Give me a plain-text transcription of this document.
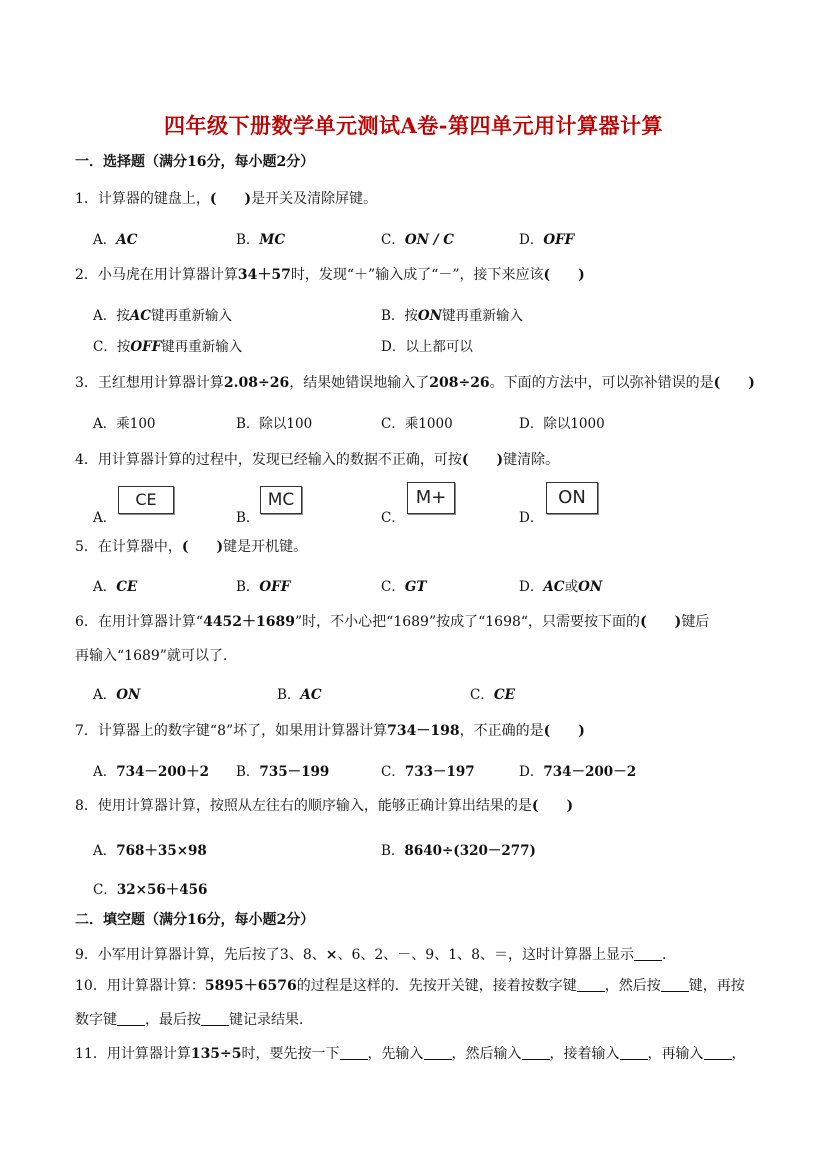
四年级下册数学单元测试A卷-第四单元用计算器计算
一．选择题（满分16分，每小题2分）
1．计算器的键盘上，(　　)是开关及清除屏键。
A．AC	B．MC	C．ON / C	D．OFF
2．小马虎在用计算器计算34＋57时，发现“＋”输入成了“－”，接下来应该(　　)
A．按AC键再重新输入	B．按ON键再重新输入
C．按OFF键再重新输入	D．以上都可以
3．王红想用计算器计算2.08÷26，结果她错误地输入了208÷26。下面的方法中，可以弥补错误的是(　　)
A．乘100	B．除以100	C．乘1000	D．除以1000
4．用计算器计算的过程中，发现已经输入的数据不正确，可按(　　)键清除。
A．
CE
B．
MC
C．
M+
D．
ON
5．在计算器中，(　　)键是开机键。
A．CE	B．OFF	C．GT	D．AC或ON
6．在用计算器计算“4452＋1689”时，不小心把“1689”按成了“1698“，只需要按下面的(　　)键后
再输入“1689”就可以了．
A．ON	B．AC	C．CE
7．计算器上的数字键“8”坏了，如果用计算器计算734－198，不正确的是(　　)
A．734－200＋2 B．735－199	C．733－197	D．734－200－2
8．使用计算器计算，按照从左往右的顺序输入，能够正确计算出结果的是(　　)
A．768＋35×98	B．8640÷(320－277)
C．32×56＋456
二．填空题（满分16分，每小题2分）
9．小军用计算器计算，先后按了3、8、×、6、2、－、9、1、8、＝，这时计算器上显示 ．
10．用计算器计算：5895＋6576的过程是这样的．先按开关键，接着按数字键 ，然后按 键，再按
数字键 ，最后按 键记录结果．
11．用计算器计算135÷5时，要先按一下 ，先输入 ，然后输入 ，接着输入 ，再输入 ，
